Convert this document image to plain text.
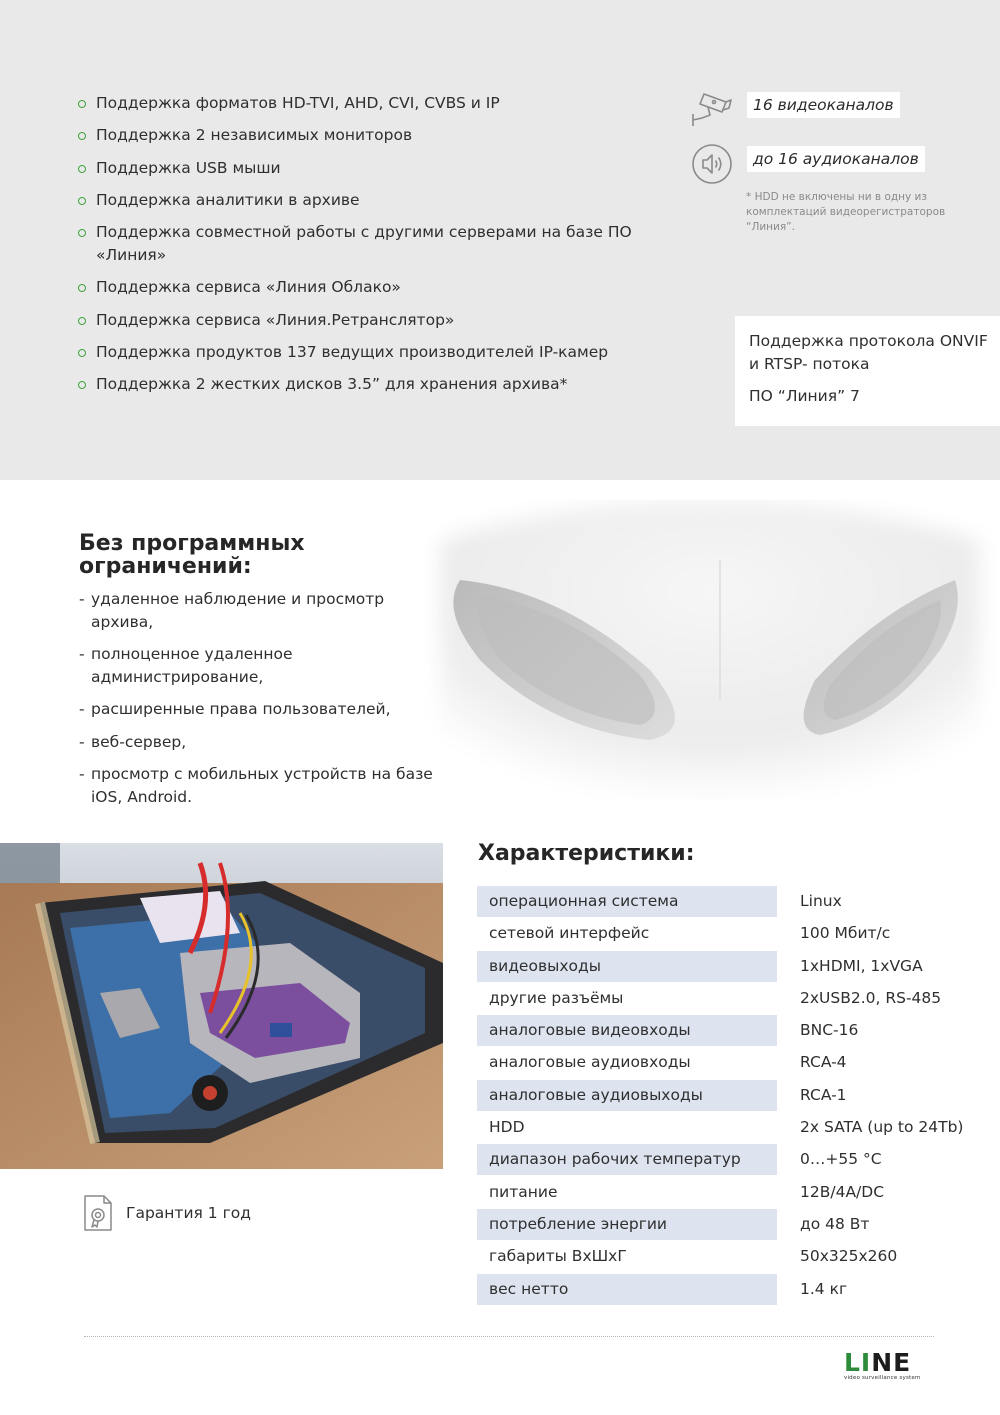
Поддержка форматов HD-TVI, AHD, CVI, CVBS и IP
Поддержка 2 независимых мониторов
Поддержка USB мыши
Поддержка аналитики в архиве
Поддержка совместной работы с другими серверами на базе ПО «Линия»
Поддержка сервиса «Линия Облако»
Поддержка сервиса «Линия.Ретранслятор»
Поддержка продуктов 137 ведущих производителей IP-камер
Поддержка 2 жестких дисков 3.5” для хранения архива*
16 видеоканалов
до 16 аудиоканалов
* HDD не включены ни в одну из комплектаций видеорегистраторов “Линия”.

Поддержка протокола ONVIF и RTSP- потока

ПО “Линия” 7

Без программных ограничений:
- удаленное наблюдение и просмотр архива,
- полноценное удаленное администрирование,
- расширенные права пользователей,
- веб-сервер,
- просмотр с мобильных устройств на базе iOS, Android.
Гарантия 1 год
Характеристики:
операционная система	Linux
сетевой интерфейс	100 Мбит/с
видеовыходы	1xHDMI, 1xVGA
другие разъёмы	2xUSB2.0, RS-485
аналоговые видеовходы	BNC-16
аналоговые аудиовходы	RCA-4
аналоговые аудиовыходы	RCA-1
HDD	2x SATA (up to 24Tb)
диапазон рабочих температур	0…+55 °С
питание	12В/4А/DC
потребление энергии	до 48 Вт
габариты ВxШxГ	50x325x260
вес нетто	1.4 кг
LINE
video surveillance system
